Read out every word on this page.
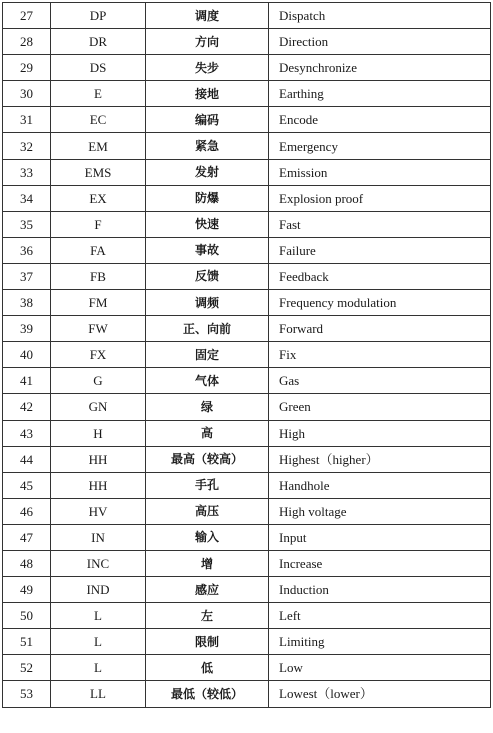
27	DP	调度	Dispatch
28	DR	方向	Direction
29	DS	失步	Desynchronize
30	E	接地	Earthing
31	EC	编码	Encode
32	EM	紧急	Emergency
33	EMS	发射	Emission
34	EX	防爆	Explosion proof
35	F	快速	Fast
36	FA	事故	Failure
37	FB	反馈	Feedback
38	FM	调频	Frequency modulation
39	FW	正、向前	Forward
40	FX	固定	Fix
41	G	气体	Gas
42	GN	绿	Green
43	H	高	High
44	HH	最高（较高）	Highest（higher）
45	HH	手孔	Handhole
46	HV	高压	High voltage
47	IN	输入	Input
48	INC	增	Increase
49	IND	感应	Induction
50	L	左	Left
51	L	限制	Limiting
52	L	低	Low
53	LL	最低（较低）	Lowest（lower）
